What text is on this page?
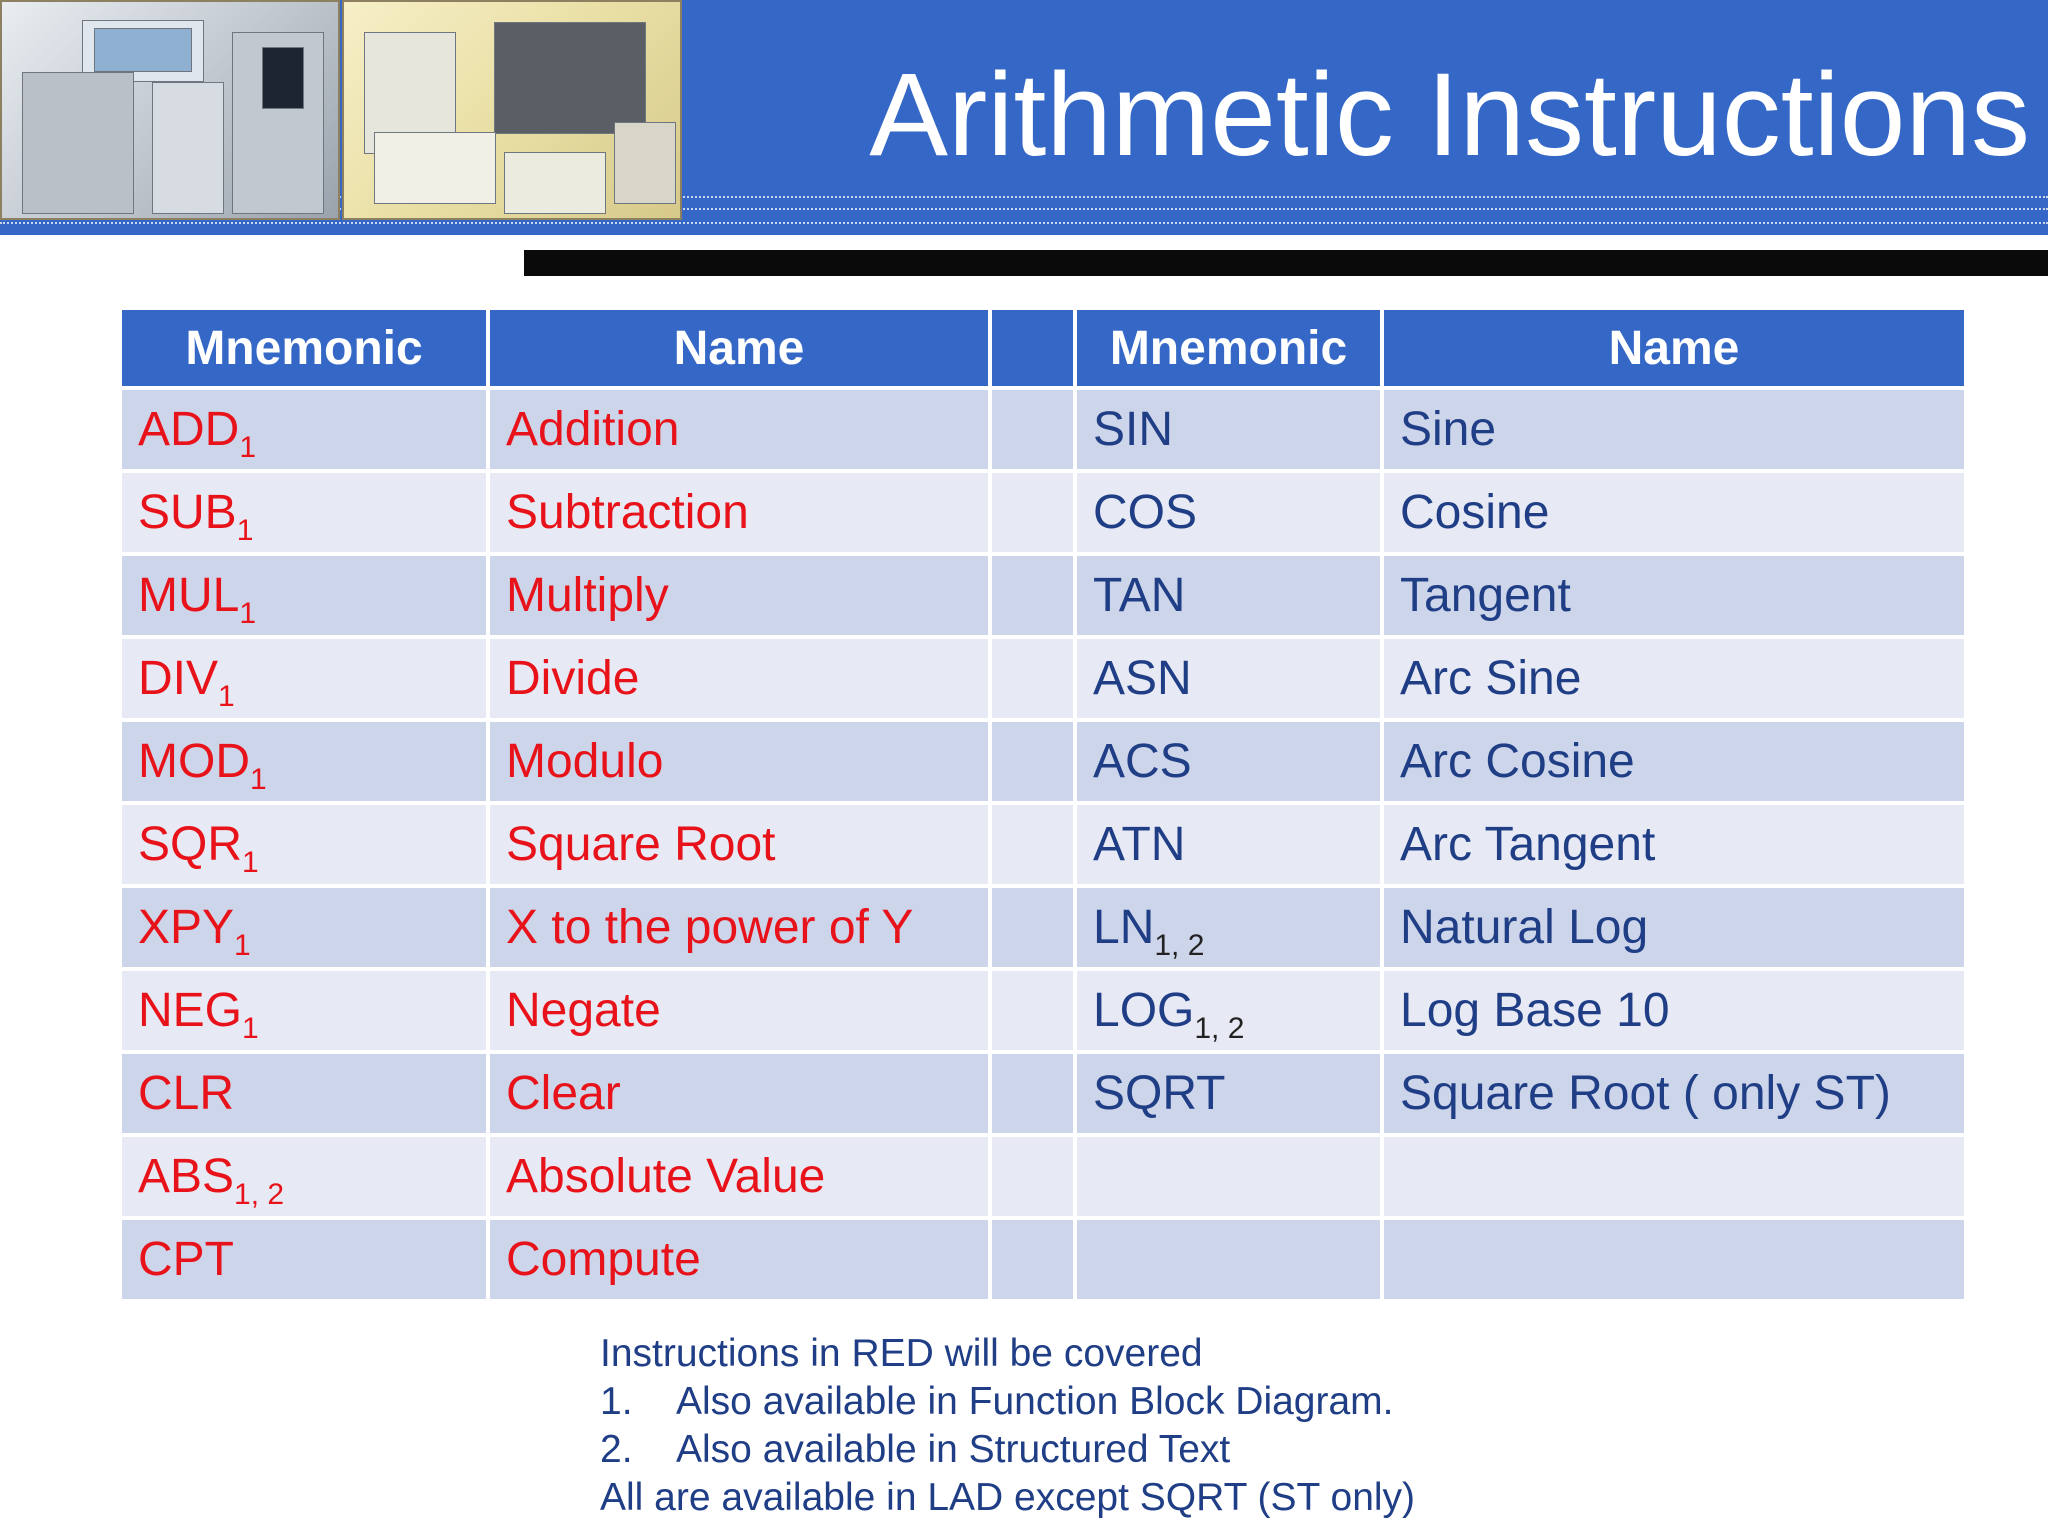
Arithmetic Instructions
Mnemonic	Name		Mnemonic	Name
$ADD_1$	Addition		SIN	Sine
$SUB_1$	Subtraction		COS	Cosine
$MUL_1$	Multiply		TAN	Tangent
$DIV_1$	Divide		ASN	Arc Sine
$MOD_1$	Modulo		ACS	Arc Cosine
$SQR_1$	Square Root		ATN	Arc Tangent
$XPY_1$	X to the power of Y		$LN_{1, 2}$	Natural Log
$NEG_1$	Negate		$LOG_{1, 2}$	Log Base 10
CLR	Clear		SQRT	Square Root ( only ST)
$ABS_{1, 2}$	Absolute Value			
CPT	Compute			
Instructions in RED will be covered
1. Also available in Function Block Diagram.
2. Also available in Structured Text
All are available in LAD except SQRT (ST only)
